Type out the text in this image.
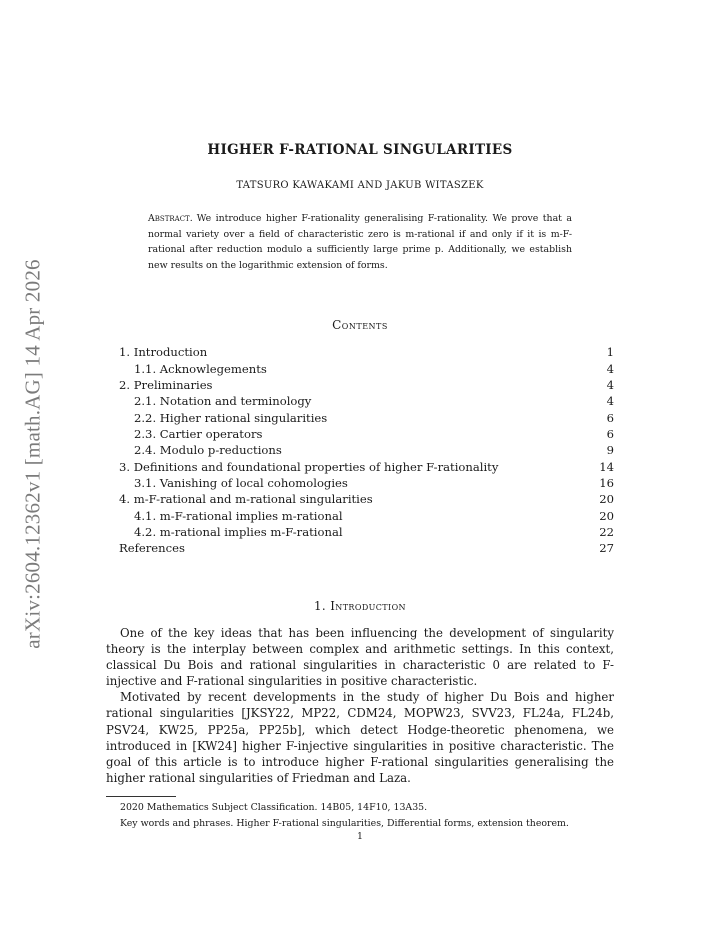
arXiv:2604.12362v1 [math.AG] 14 Apr 2026
HIGHER F-RATIONAL SINGULARITIES
TATSURO KAWAKAMI AND JAKUB WITASZEK
Abstract. We introduce higher F-rationality generalising F-rationality. We prove that a normal variety over a field of characteristic zero is m-rational if and only if it is m-F-rational after reduction modulo a sufficiently large prime p. Additionally, we establish new results on the logarithmic extension of forms.
Contents
1. Introduction	1
1.1. Acknowlegements	4
2. Preliminaries	4
2.1. Notation and terminology	4
2.2. Higher rational singularities	6
2.3. Cartier operators	6
2.4. Modulo p-reductions	9
3. Definitions and foundational properties of higher F-rationality	14
3.1. Vanishing of local cohomologies	16
4. m-F-rational and m-rational singularities	20
4.1. m-F-rational implies m-rational	20
4.2. m-rational implies m-F-rational	22
References	27
1. Introduction

One of the key ideas that has been influencing the development of singularity theory is the interplay between complex and arithmetic settings. In this context, classical Du Bois and rational singularities in characteristic 0 are related to F-injective and F-rational singularities in positive characteristic.

Motivated by recent developments in the study of higher Du Bois and higher rational singularities [JKSY22, MP22, CDM24, MOPW23, SVV23, FL24a, FL24b, PSV24, KW25, PP25a, PP25b], which detect Hodge-theoretic phenomena, we introduced in [KW24] higher F-injective singularities in positive characteristic. The goal of this article is to introduce higher F-rational singularities generalising the higher rational singularities of Friedman and Laza.

2020 Mathematics Subject Classification. 14B05, 14F10, 13A35.

Key words and phrases. Higher F-rational singularities, Differential forms, extension theorem.

1
